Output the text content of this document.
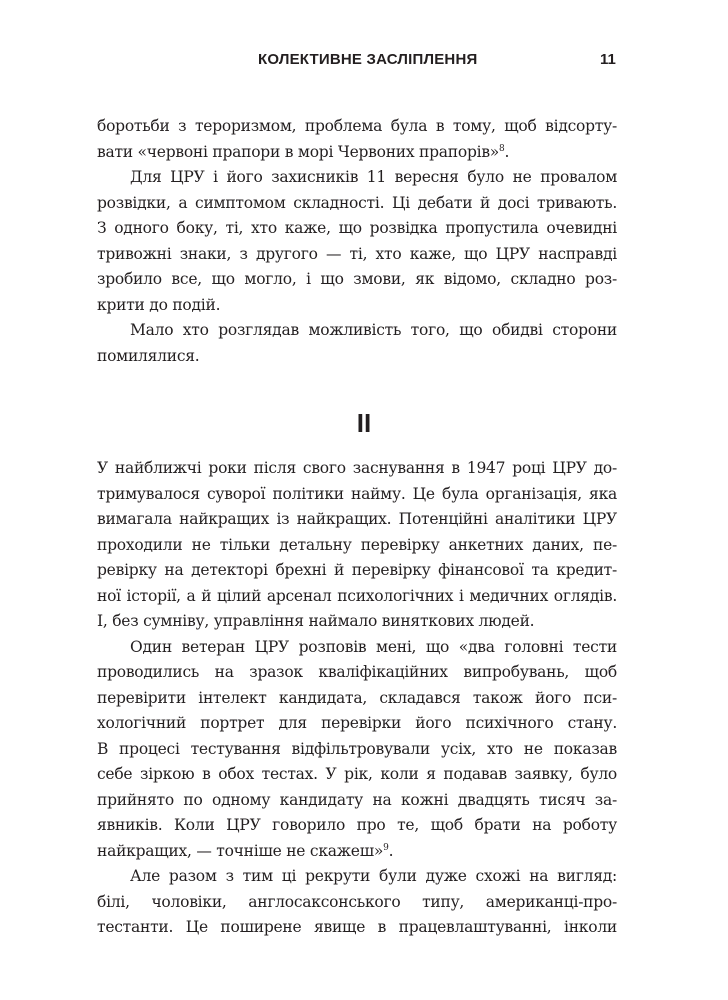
КОЛЕКТИВНЕ ЗАСЛІПЛЕННЯ	11

боротьби з тероризмом, проблема була в тому, щоб відсорту-
вати «червоні прапори в морі Червоних прапорів»$^8$.

Для ЦРУ і його захисників 11 вересня було не провалом

розвідки, а симптомом складності. Ці дебати й досі тривають.
З одного боку, ті, хто каже, що розвідка пропустила очевидні
тривожні знаки, з другого — ті, хто каже, що ЦРУ насправді
зробило все, що могло, і що змови, як відомо, складно роз-
крити до подій.

Мало хто розглядав можливість того, що обидві сторони

помилялися.

II

У найближчі роки після свого заснування в 1947 році ЦРУ до-
тримувалося суворої політики найму. Це була організація, яка
вимагала найкращих із найкращих. Потенційні аналітики ЦРУ
проходили не тільки детальну перевірку анкетних даних, пе-
ревірку на детекторі брехні й перевірку фінансової та кредит-
ної історії, а й цілий арсенал психологічних і медичних оглядів.
І, без сумніву, управління наймало виняткових людей.

Один ветеран ЦРУ розповів мені, що «два головні тести

проводились на зразок кваліфікаційних випробувань, щоб
перевірити інтелект кандидата, складався також його пси-
хологічний портрет для перевірки його психічного стану.
В процесі тестування відфільтровували усіх, хто не показав
себе зіркою в обох тестах. У рік, коли я подавав заявку, було
прийнято по одному кандидату на кожні двадцять тисяч за-
явників. Коли ЦРУ говорило про те, щоб брати на роботу
найкращих, — точніше не скажеш»$^9$.

Але разом з тим ці рекрути були дуже схожі на вигляд:

білі, чоловіки, англосаксонського типу, американці-про-
тестанти. Це поширене явище в працевлаштуванні, інколи
